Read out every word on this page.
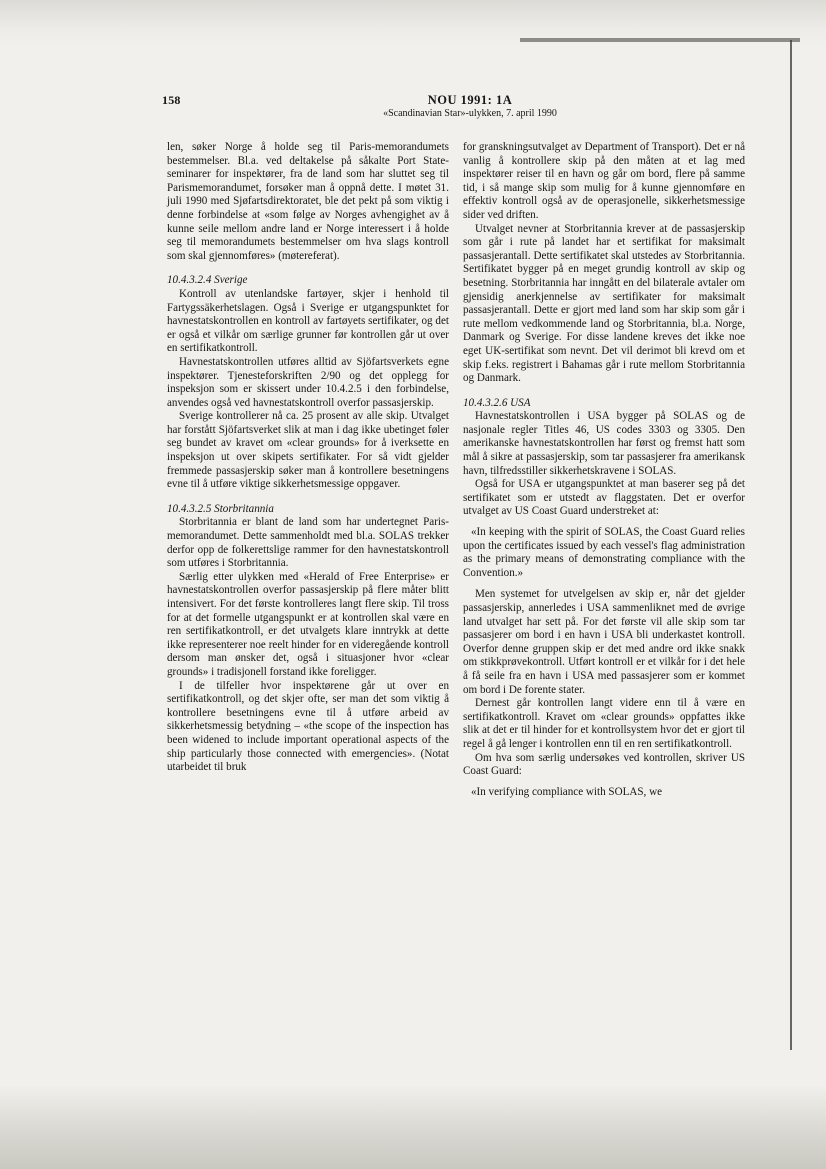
158	NOU 1991: 1A
«Scandinavian Star»-ulykken, 7. april 1990

len, søker Norge å holde seg til Paris-memorandumets bestemmelser. Bl.a. ved deltakelse på såkalte Port State-seminarer for inspektører, fra de land som har sluttet seg til Parismemorandumet, forsøker man å oppnå dette. I møtet 31. juli 1990 med Sjøfartsdirektoratet, ble det pekt på som viktig i denne forbindelse at «som følge av Norges avhengighet av å kunne seile mellom andre land er Norge interessert i å holde seg til memorandumets bestemmelser om hva slags kontroll som skal gjennomføres» (møtereferat).

10.4.3.2.4 Sverige

Kontroll av utenlandske fartøyer, skjer i henhold til Fartygssäkerhetslagen. Også i Sverige er utgangspunktet for havnestatskontrollen en kontroll av fartøyets sertifikater, og det er også et vilkår om særlige grunner før kontrollen går ut over en sertifikatkontroll.

Havnestatskontrollen utføres alltid av Sjöfartsverkets egne inspektører. Tjenesteforskriften 2/90 og det opplegg for inspeksjon som er skissert under 10.4.2.5 i den forbindelse, anvendes også ved havnestatskontroll overfor passasjerskip.

Sverige kontrollerer nå ca. 25 prosent av alle skip. Utvalget har forstått Sjöfartsverket slik at man i dag ikke ubetinget føler seg bundet av kravet om «clear grounds» for å iverksette en inspeksjon ut over skipets sertifikater. For så vidt gjelder fremmede passasjerskip søker man å kontrollere besetningens evne til å utføre viktige sikkerhetsmessige oppgaver.

10.4.3.2.5 Storbritannia

Storbritannia er blant de land som har undertegnet Paris-memorandumet. Dette sammenholdt med bl.a. SOLAS trekker derfor opp de folkerettslige rammer for den havnestatskontroll som utføres i Storbritannia.

Særlig etter ulykken med «Herald of Free Enterprise» er havnestatskontrollen overfor passasjerskip på flere måter blitt intensivert. For det første kontrolleres langt flere skip. Til tross for at det formelle utgangspunkt er at kontrollen skal være en ren sertifikatkontroll, er det utvalgets klare inntrykk at dette ikke representerer noe reelt hinder for en videregående kontroll dersom man ønsker det, også i situasjoner hvor «clear grounds» i tradisjonell forstand ikke foreligger.

I de tilfeller hvor inspektørene går ut over en sertifikatkontroll, og det skjer ofte, ser man det som viktig å kontrollere besetningens evne til å utføre arbeid av sikkerhetsmessig betydning – «the scope of the inspection has been widened to include important operational aspects of the ship particularly those connected with emergencies». (Notat utarbeidet til bruk

for granskningsutvalget av Department of Transport). Det er nå vanlig å kontrollere skip på den måten at et lag med inspektører reiser til en havn og går om bord, flere på samme tid, i så mange skip som mulig for å kunne gjennomføre en effektiv kontroll også av de operasjonelle, sikkerhetsmessige sider ved driften.

Utvalget nevner at Storbritannia krever at de passasjerskip som går i rute på landet har et sertifikat for maksimalt passasjerantall. Dette sertifikatet skal utstedes av Storbritannia. Sertifikatet bygger på en meget grundig kontroll av skip og besetning. Storbritannia har inngått en del bilaterale avtaler om gjensidig anerkjennelse av sertifikater for maksimalt passasjerantall. Dette er gjort med land som har skip som går i rute mellom vedkommende land og Storbritannia, bl.a. Norge, Danmark og Sverige. For disse landene kreves det ikke noe eget UK-sertifikat som nevnt. Det vil derimot bli krevd om et skip f.eks. registrert i Bahamas går i rute mellom Storbritannia og Danmark.

10.4.3.2.6 USA

Havnestatskontrollen i USA bygger på SOLAS og de nasjonale regler Titles 46, US codes 3303 og 3305. Den amerikanske havnestatskontrollen har først og fremst hatt som mål å sikre at passasjerskip, som tar passasjerer fra amerikansk havn, tilfredsstiller sikkerhetskravene i SOLAS.

Også for USA er utgangspunktet at man baserer seg på det sertifikatet som er utstedt av flaggstaten. Det er overfor utvalget av US Coast Guard understreket at:

«In keeping with the spirit of SOLAS, the Coast Guard relies upon the certificates issued by each vessel's flag administration as the primary means of demonstrating compliance with the Convention.»

Men systemet for utvelgelsen av skip er, når det gjelder passasjerskip, annerledes i USA sammenliknet med de øvrige land utvalget har sett på. For det første vil alle skip som tar passasjerer om bord i en havn i USA bli underkastet kontroll. Overfor denne gruppen skip er det med andre ord ikke snakk om stikkprøvekontroll. Utført kontroll er et vilkår for i det hele å få seile fra en havn i USA med passasjerer som er kommet om bord i De forente stater.

Dernest går kontrollen langt videre enn til å være en sertifikatkontroll. Kravet om «clear grounds» oppfattes ikke slik at det er til hinder for et kontrollsystem hvor det er gjort til regel å gå lenger i kontrollen enn til en ren sertifikatkontroll.

Om hva som særlig undersøkes ved kontrollen, skriver US Coast Guard:

«In verifying compliance with SOLAS, we
